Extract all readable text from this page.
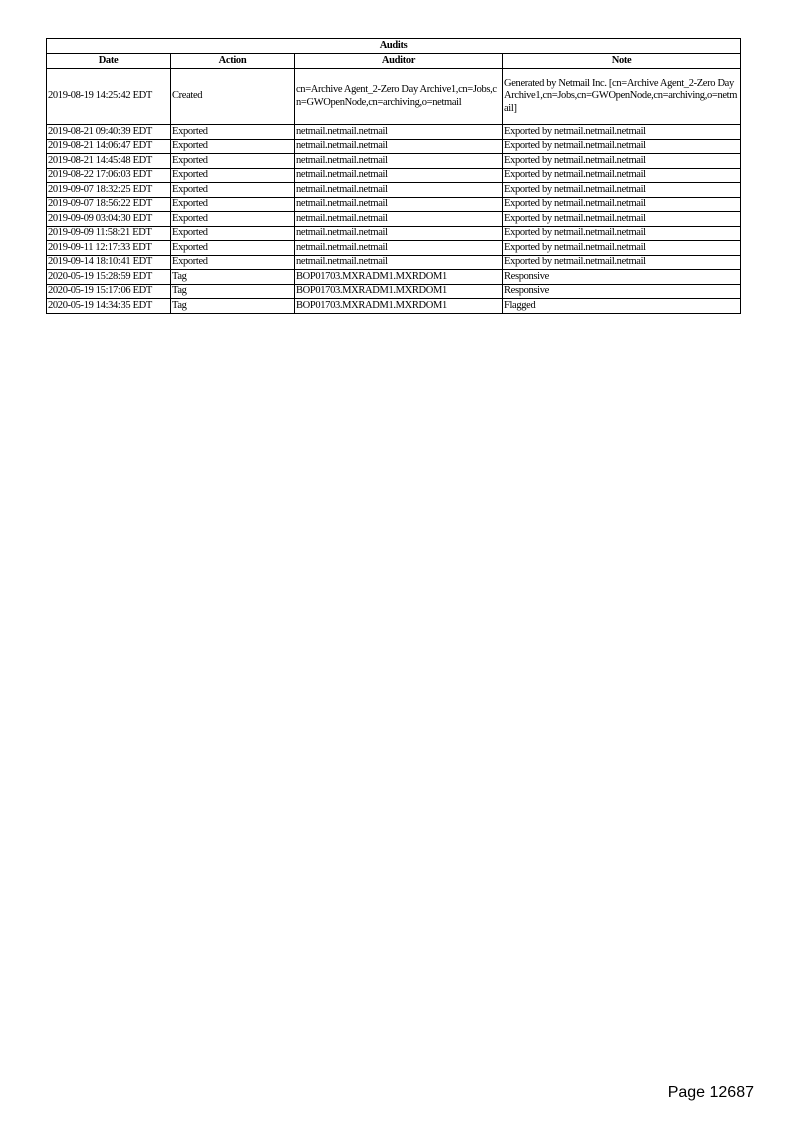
Audits			
Date	Action	Auditor	Note
2019-08-19 14:25:42 EDT	Created	cn=Archive Agent_2-Zero Day Archive1,cn=Jobs,cn=GWOpenNode,cn=archiving,o=netmail	Generated by Netmail Inc. [cn=Archive Agent_2-Zero Day Archive1,cn=Jobs,cn=GWOpenNode,cn=archiving,o=netmail]
2019-08-21 09:40:39 EDT	Exported	netmail.netmail.netmail	Exported by netmail.netmail.netmail
2019-08-21 14:06:47 EDT	Exported	netmail.netmail.netmail	Exported by netmail.netmail.netmail
2019-08-21 14:45:48 EDT	Exported	netmail.netmail.netmail	Exported by netmail.netmail.netmail
2019-08-22 17:06:03 EDT	Exported	netmail.netmail.netmail	Exported by netmail.netmail.netmail
2019-09-07 18:32:25 EDT	Exported	netmail.netmail.netmail	Exported by netmail.netmail.netmail
2019-09-07 18:56:22 EDT	Exported	netmail.netmail.netmail	Exported by netmail.netmail.netmail
2019-09-09 03:04:30 EDT	Exported	netmail.netmail.netmail	Exported by netmail.netmail.netmail
2019-09-09 11:58:21 EDT	Exported	netmail.netmail.netmail	Exported by netmail.netmail.netmail
2019-09-11 12:17:33 EDT	Exported	netmail.netmail.netmail	Exported by netmail.netmail.netmail
2019-09-14 18:10:41 EDT	Exported	netmail.netmail.netmail	Exported by netmail.netmail.netmail
2020-05-19 15:28:59 EDT	Tag	BOP01703.MXRADM1.MXRDOM1	Responsive
2020-05-19 15:17:06 EDT	Tag	BOP01703.MXRADM1.MXRDOM1	Responsive
2020-05-19 14:34:35 EDT	Tag	BOP01703.MXRADM1.MXRDOM1	Flagged
Page 12687
